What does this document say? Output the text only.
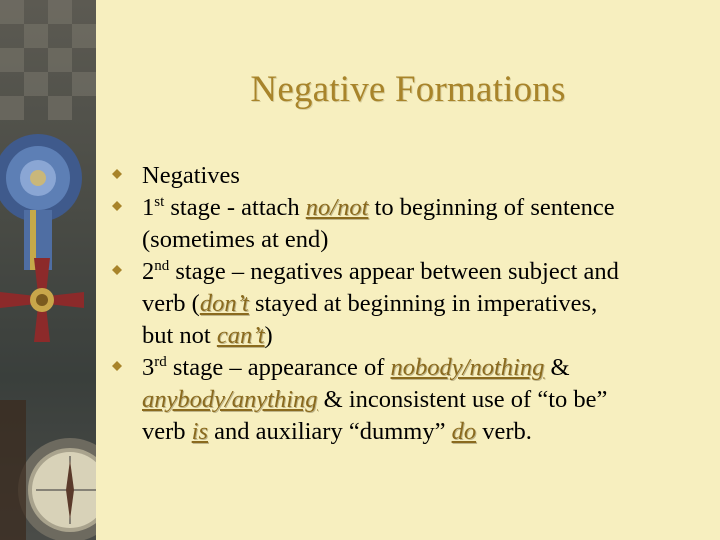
Negative Formations
Negatives
1st stage - attach no/not to beginning of sentence
(sometimes at end)
2nd stage – negatives appear between subject and
verb (don’t stayed at beginning in imperatives,
but not can’t)
3rd stage – appearance of nobody/nothing &
anybody/anything & inconsistent use of “to be”
verb is and auxiliary “dummy” do verb.
